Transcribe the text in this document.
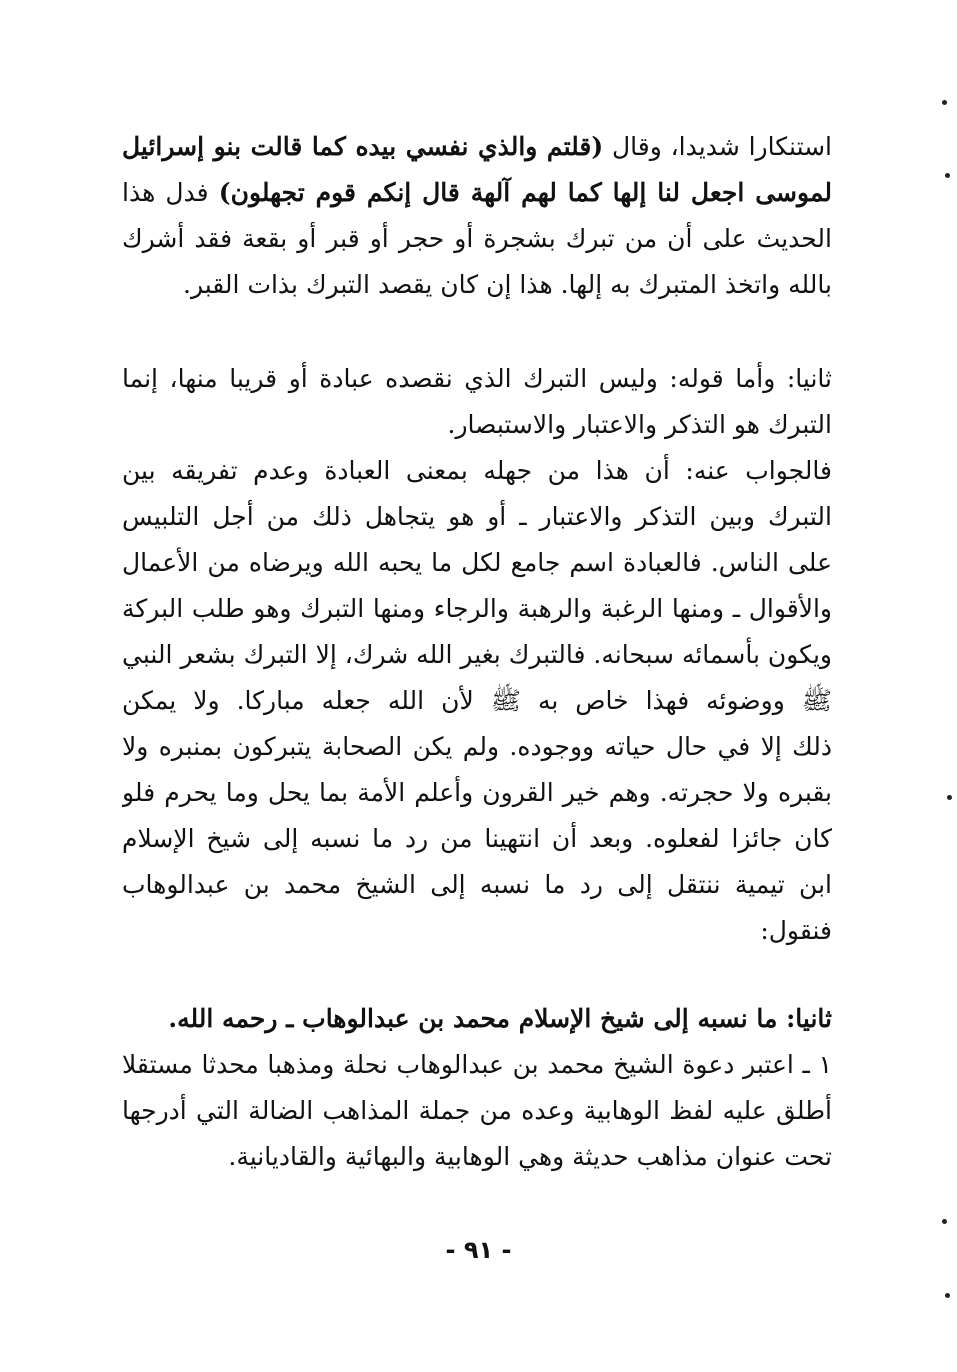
استنكارا شديدا، وقال (قلتم والذي نفسي بيده كما قالت بنو إسرائيل
لموسى اجعل لنا إلها كما لهم آلهة قال إنكم قوم تجهلون) فدل هذا
الحديث على أن من تبرك بشجرة أو حجر أو قبر أو بقعة فقد أشرك
بالله واتخذ المتبرك به إلها. هذا إن كان يقصد التبرك بذات القبر.
ثانيا: وأما قوله: وليس التبرك الذي نقصده عبادة أو قريبا منها، إنما
التبرك هو التذكر والاعتبار والاستبصار.
فالجواب عنه: أن هذا من جهله بمعنى العبادة وعدم تفريقه بين
التبرك وبين التذكر والاعتبار ـ أو هو يتجاهل ذلك من أجل التلبيس
على الناس. فالعبادة اسم جامع لكل ما يحبه الله ويرضاه من الأعمال
والأقوال ـ ومنها الرغبة والرهبة والرجاء ومنها التبرك وهو طلب البركة
ويكون بأسمائه سبحانه. فالتبرك بغير الله شرك، إلا التبرك بشعر النبي
ﷺ ووضوئه فهذا خاص به ﷺ لأن الله جعله مباركا. ولا يمكن
ذلك إلا في حال حياته ووجوده. ولم يكن الصحابة يتبركون بمنبره ولا
بقبره ولا حجرته. وهم خير القرون وأعلم الأمة بما يحل وما يحرم فلو
كان جائزا لفعلوه. وبعد أن انتهينا من رد ما نسبه إلى شيخ الإسلام
ابن تيمية ننتقل إلى رد ما نسبه إلى الشيخ محمد بن عبدالوهاب
فنقول:
ثانيا: ما نسبه إلى شيخ الإسلام محمد بن عبدالوهاب ـ رحمه الله.
١ ـ اعتبر دعوة الشيخ محمد بن عبدالوهاب نحلة ومذهبا محدثا مستقلا
أطلق عليه لفظ الوهابية وعده من جملة المذاهب الضالة التي أدرجها
تحت عنوان مذاهب حديثة وهي الوهابية والبهائية والقاديانية.
- ٩١ -
